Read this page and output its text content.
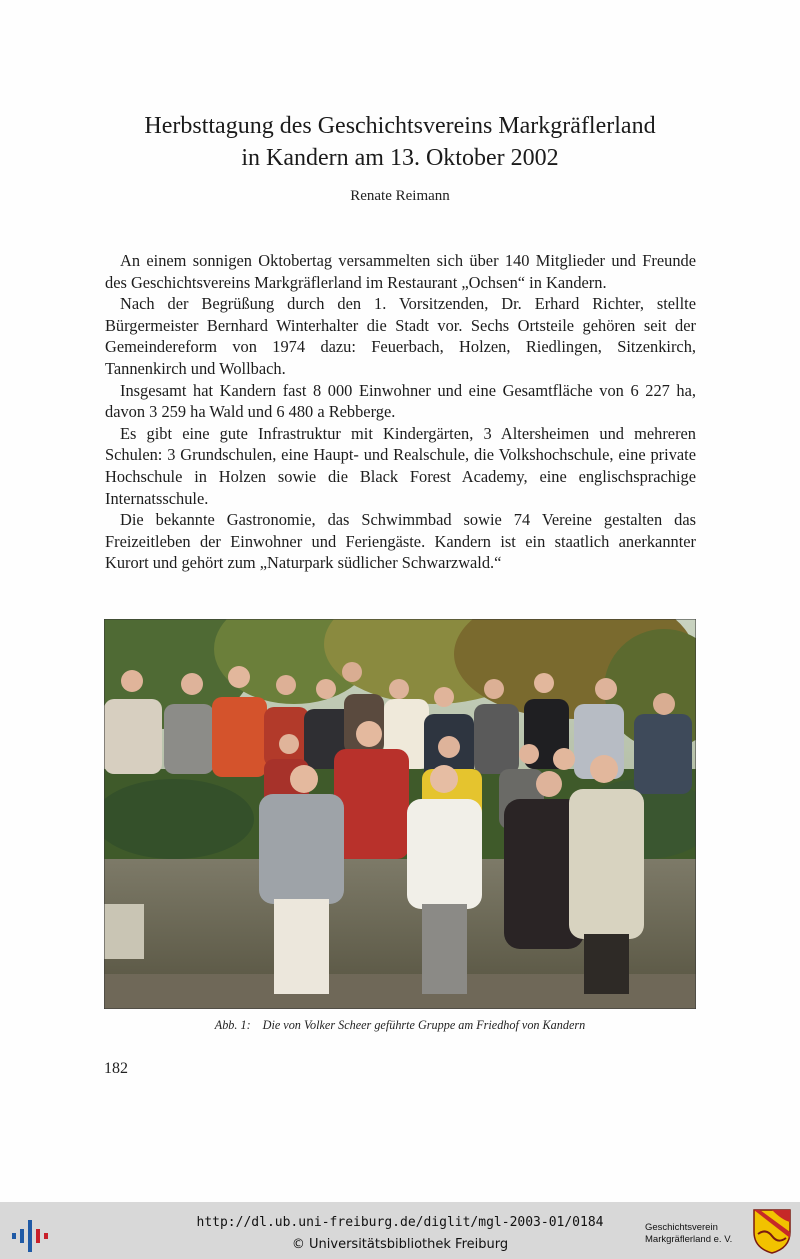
Herbsttagung des Geschichtsvereins Markgräflerland
in Kandern am 13. Oktober 2002
Renate Reimann

An einem sonnigen Oktobertag versammelten sich über 140 Mitglieder und Freunde des Geschichtsvereins Markgräflerland im Restaurant „Ochsen“ in Kandern.

Nach der Begrüßung durch den 1. Vorsitzenden, Dr. Erhard Richter, stellte Bürgermeister Bernhard Winterhalter die Stadt vor. Sechs Ortsteile gehören seit der Gemeindereform von 1974 dazu: Feuerbach, Holzen, Riedlingen, Sitzenkirch, Tannenkirch und Wollbach.

Insgesamt hat Kandern fast 8 000 Einwohner und eine Gesamtfläche von 6 227 ha, davon 3 259 ha Wald und 6 480 a Rebberge.

Es gibt eine gute Infrastruktur mit Kindergärten, 3 Altersheimen und mehreren Schulen: 3 Grundschulen, eine Haupt- und Realschule, die Volkshochschule, eine private Hochschule in Holzen sowie die Black Forest Academy, eine englischsprachige Internatsschule.

Die bekannte Gastronomie, das Schwimmbad sowie 74 Vereine gestalten das Freizeitleben der Einwohner und Feriengäste. Kandern ist ein staatlich anerkannter Kurort und gehört zum „Naturpark südlicher Schwarzwald.“

Abb. 1: Die von Volker Scheer geführte Gruppe am Friedhof von Kandern
182
http://dl.ub.uni-freiburg.de/diglit/mgl-2003-01/0184
© Universitätsbibliothek Freiburg
Geschichtsverein
Markgräflerland e. V.
